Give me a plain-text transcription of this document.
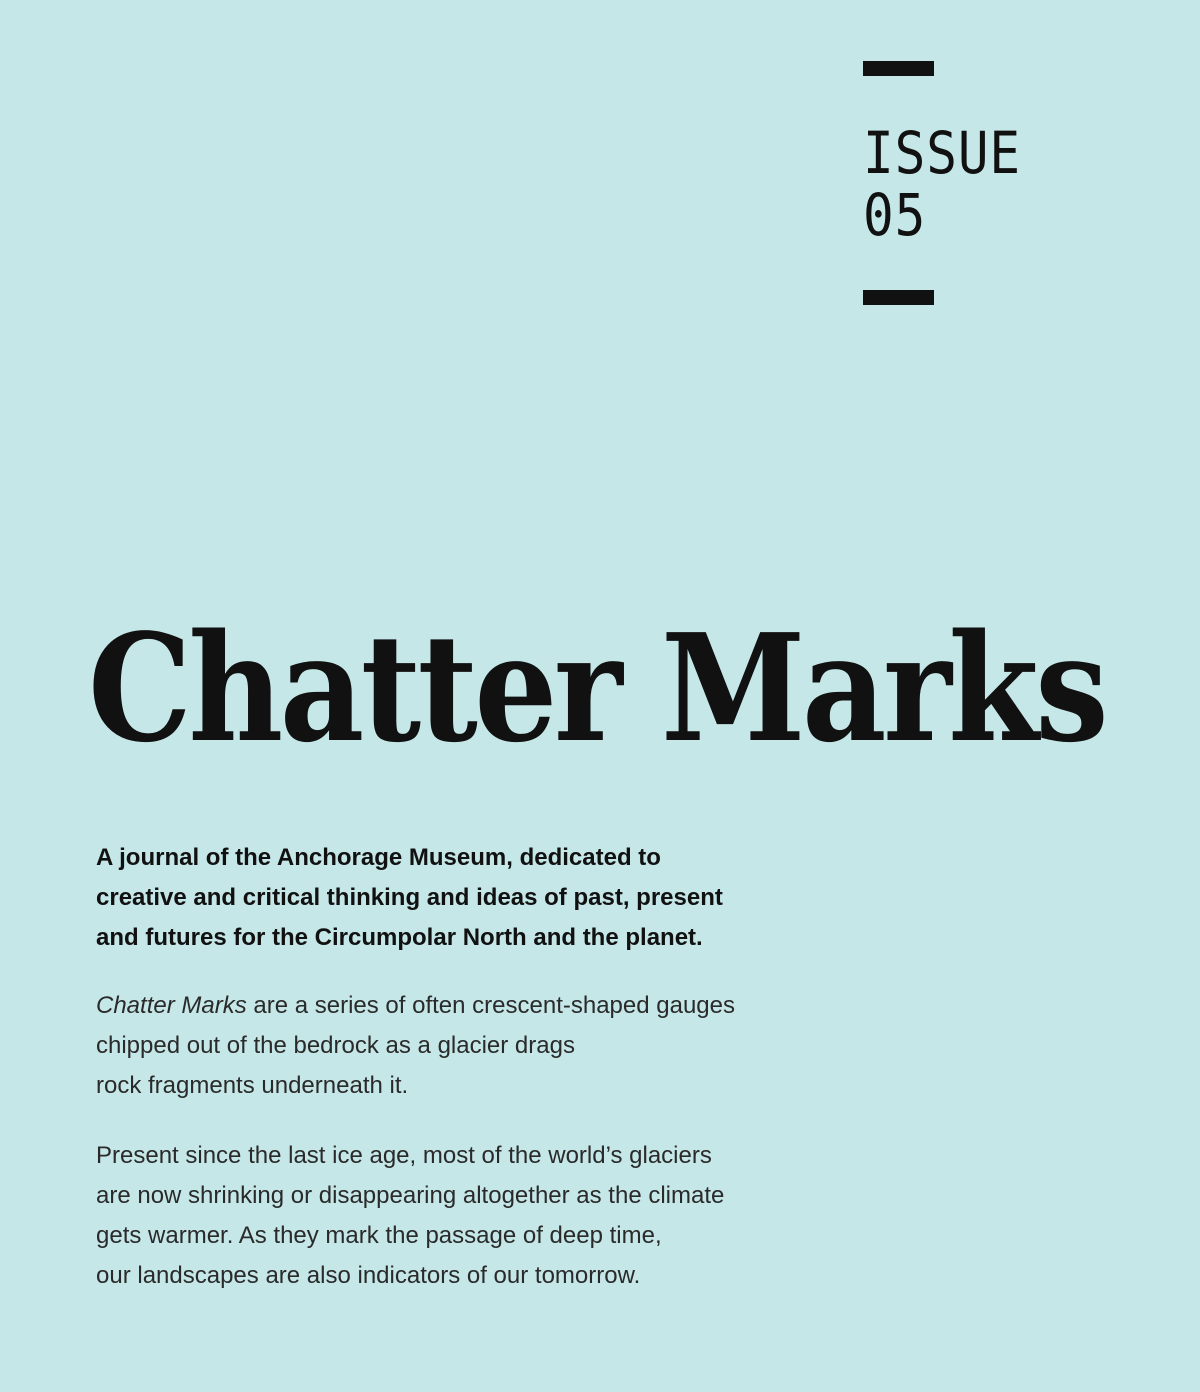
ISSUE
05
Chatter Marks

A journal of the Anchorage Museum, dedicated to
creative and critical thinking and ideas of past, present
and futures for the Circumpolar North and the planet.

Chatter Marks are a series of often crescent-shaped gauges
chipped out of the bedrock as a glacier drags
rock fragments underneath it.

Present since the last ice age, most of the world’s glaciers
are now shrinking or disappearing altogether as the climate
gets warmer. As they mark the passage of deep time,
our landscapes are also indicators of our tomorrow.
